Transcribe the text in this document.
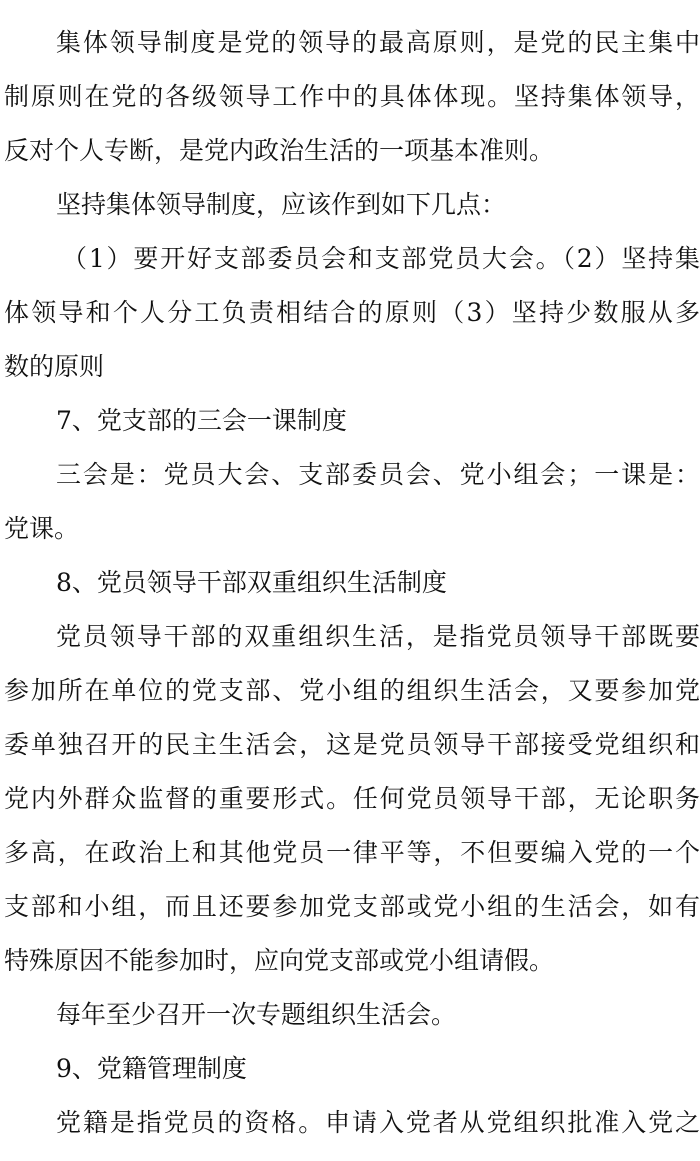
集体领导制度是党的领导的最高原则，是党的民主集中
制原则在党的各级领导工作中的具体体现。坚持集体领导，
反对个人专断，是党内政治生活的一项基本准则。
坚持集体领导制度，应该作到如下几点：
（1）要开好支部委员会和支部党员大会。（2）坚持集
体领导和个人分工负责相结合的原则（3）坚持少数服从多
数的原则
7、党支部的三会一课制度
三会是：党员大会、支部委员会、党小组会；一课是：
党课。
8、党员领导干部双重组织生活制度
党员领导干部的双重组织生活，是指党员领导干部既要
参加所在单位的党支部、党小组的组织生活会，又要参加党
委单独召开的民主生活会，这是党员领导干部接受党组织和
党内外群众监督的重要形式。任何党员领导干部，无论职务
多高，在政治上和其他党员一律平等，不但要编入党的一个
支部和小组，而且还要参加党支部或党小组的生活会，如有
特殊原因不能参加时，应向党支部或党小组请假。
每年至少召开一次专题组织生活会。
9、党籍管理制度
党籍是指党员的资格。申请入党者从党组织批准入党之
